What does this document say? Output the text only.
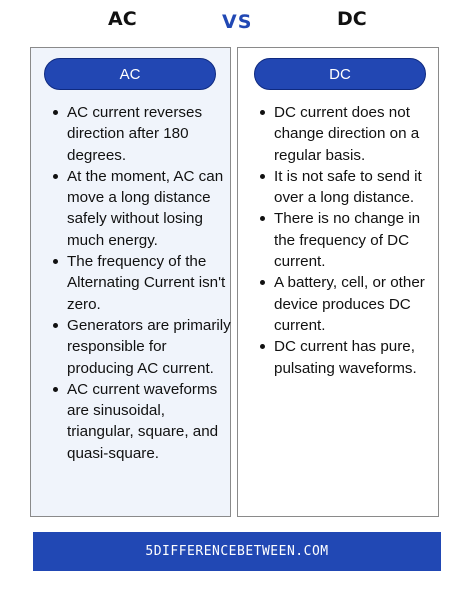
AC	VS	DC
AC
AC current reverses direction after 180 degrees.
At the moment, AC can move a long distance safely without losing much energy.
The frequency of the Alternating Current isn't zero.
Generators are primarily responsible for producing AC current.
AC current waveforms are sinusoidal, triangular, square, and quasi-square.
DC
DC current does not change direction on a regular basis.
It is not safe to send it over a long distance.
There is no change in the frequency of DC current.
A battery, cell, or other device produces DC current.
DC current has pure, pulsating waveforms.
5DIFFERENCEBETWEEN.COM
